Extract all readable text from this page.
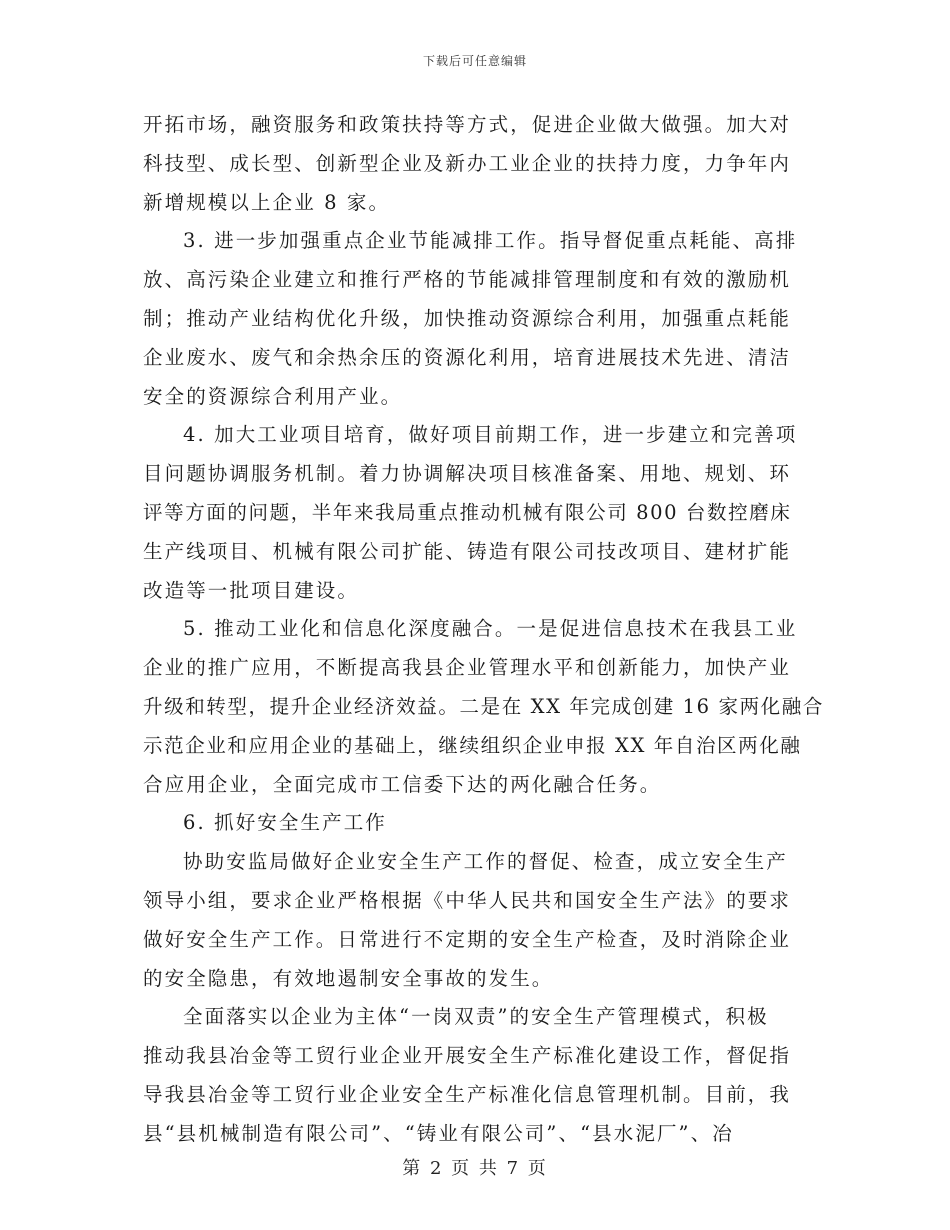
下载后可任意编辑
开拓市场，融资服务和政策扶持等方式，促进企业做大做强。加大对
科技型、成长型、创新型企业及新办工业企业的扶持力度，力争年内
新增规模以上企业 8 家。
3. 进一步加强重点企业节能减排工作。指导督促重点耗能、高排
放、高污染企业建立和推行严格的节能减排管理制度和有效的激励机
制；推动产业结构优化升级，加快推动资源综合利用，加强重点耗能
企业废水、废气和余热余压的资源化利用，培育进展技术先进、清洁
安全的资源综合利用产业。
4. 加大工业项目培育，做好项目前期工作，进一步建立和完善项
目问题协调服务机制。着力协调解决项目核准备案、用地、规划、环
评等方面的问题，半年来我局重点推动机械有限公司 800 台数控磨床
生产线项目、机械有限公司扩能、铸造有限公司技改项目、建材扩能
改造等一批项目建设。
5. 推动工业化和信息化深度融合。一是促进信息技术在我县工业
企业的推广应用，不断提高我县企业管理水平和创新能力，加快产业
升级和转型，提升企业经济效益。二是在 XX 年完成创建 16 家两化融合
示范企业和应用企业的基础上，继续组织企业申报 XX 年自治区两化融
合应用企业，全面完成市工信委下达的两化融合任务。
6. 抓好安全生产工作
协助安监局做好企业安全生产工作的督促、检查，成立安全生产
领导小组，要求企业严格根据《中华人民共和国安全生产法》的要求
做好安全生产工作。日常进行不定期的安全生产检查，及时消除企业
的安全隐患，有效地遏制安全事故的发生。
全面落实以企业为主体“一岗双责”的安全生产管理模式，积极
推动我县冶金等工贸行业企业开展安全生产标准化建设工作，督促指
导我县冶金等工贸行业企业安全生产标准化信息管理机制。目前，我
县“县机械制造有限公司”、“铸业有限公司”、“县水泥厂”、冶
第 2 页 共 7 页
